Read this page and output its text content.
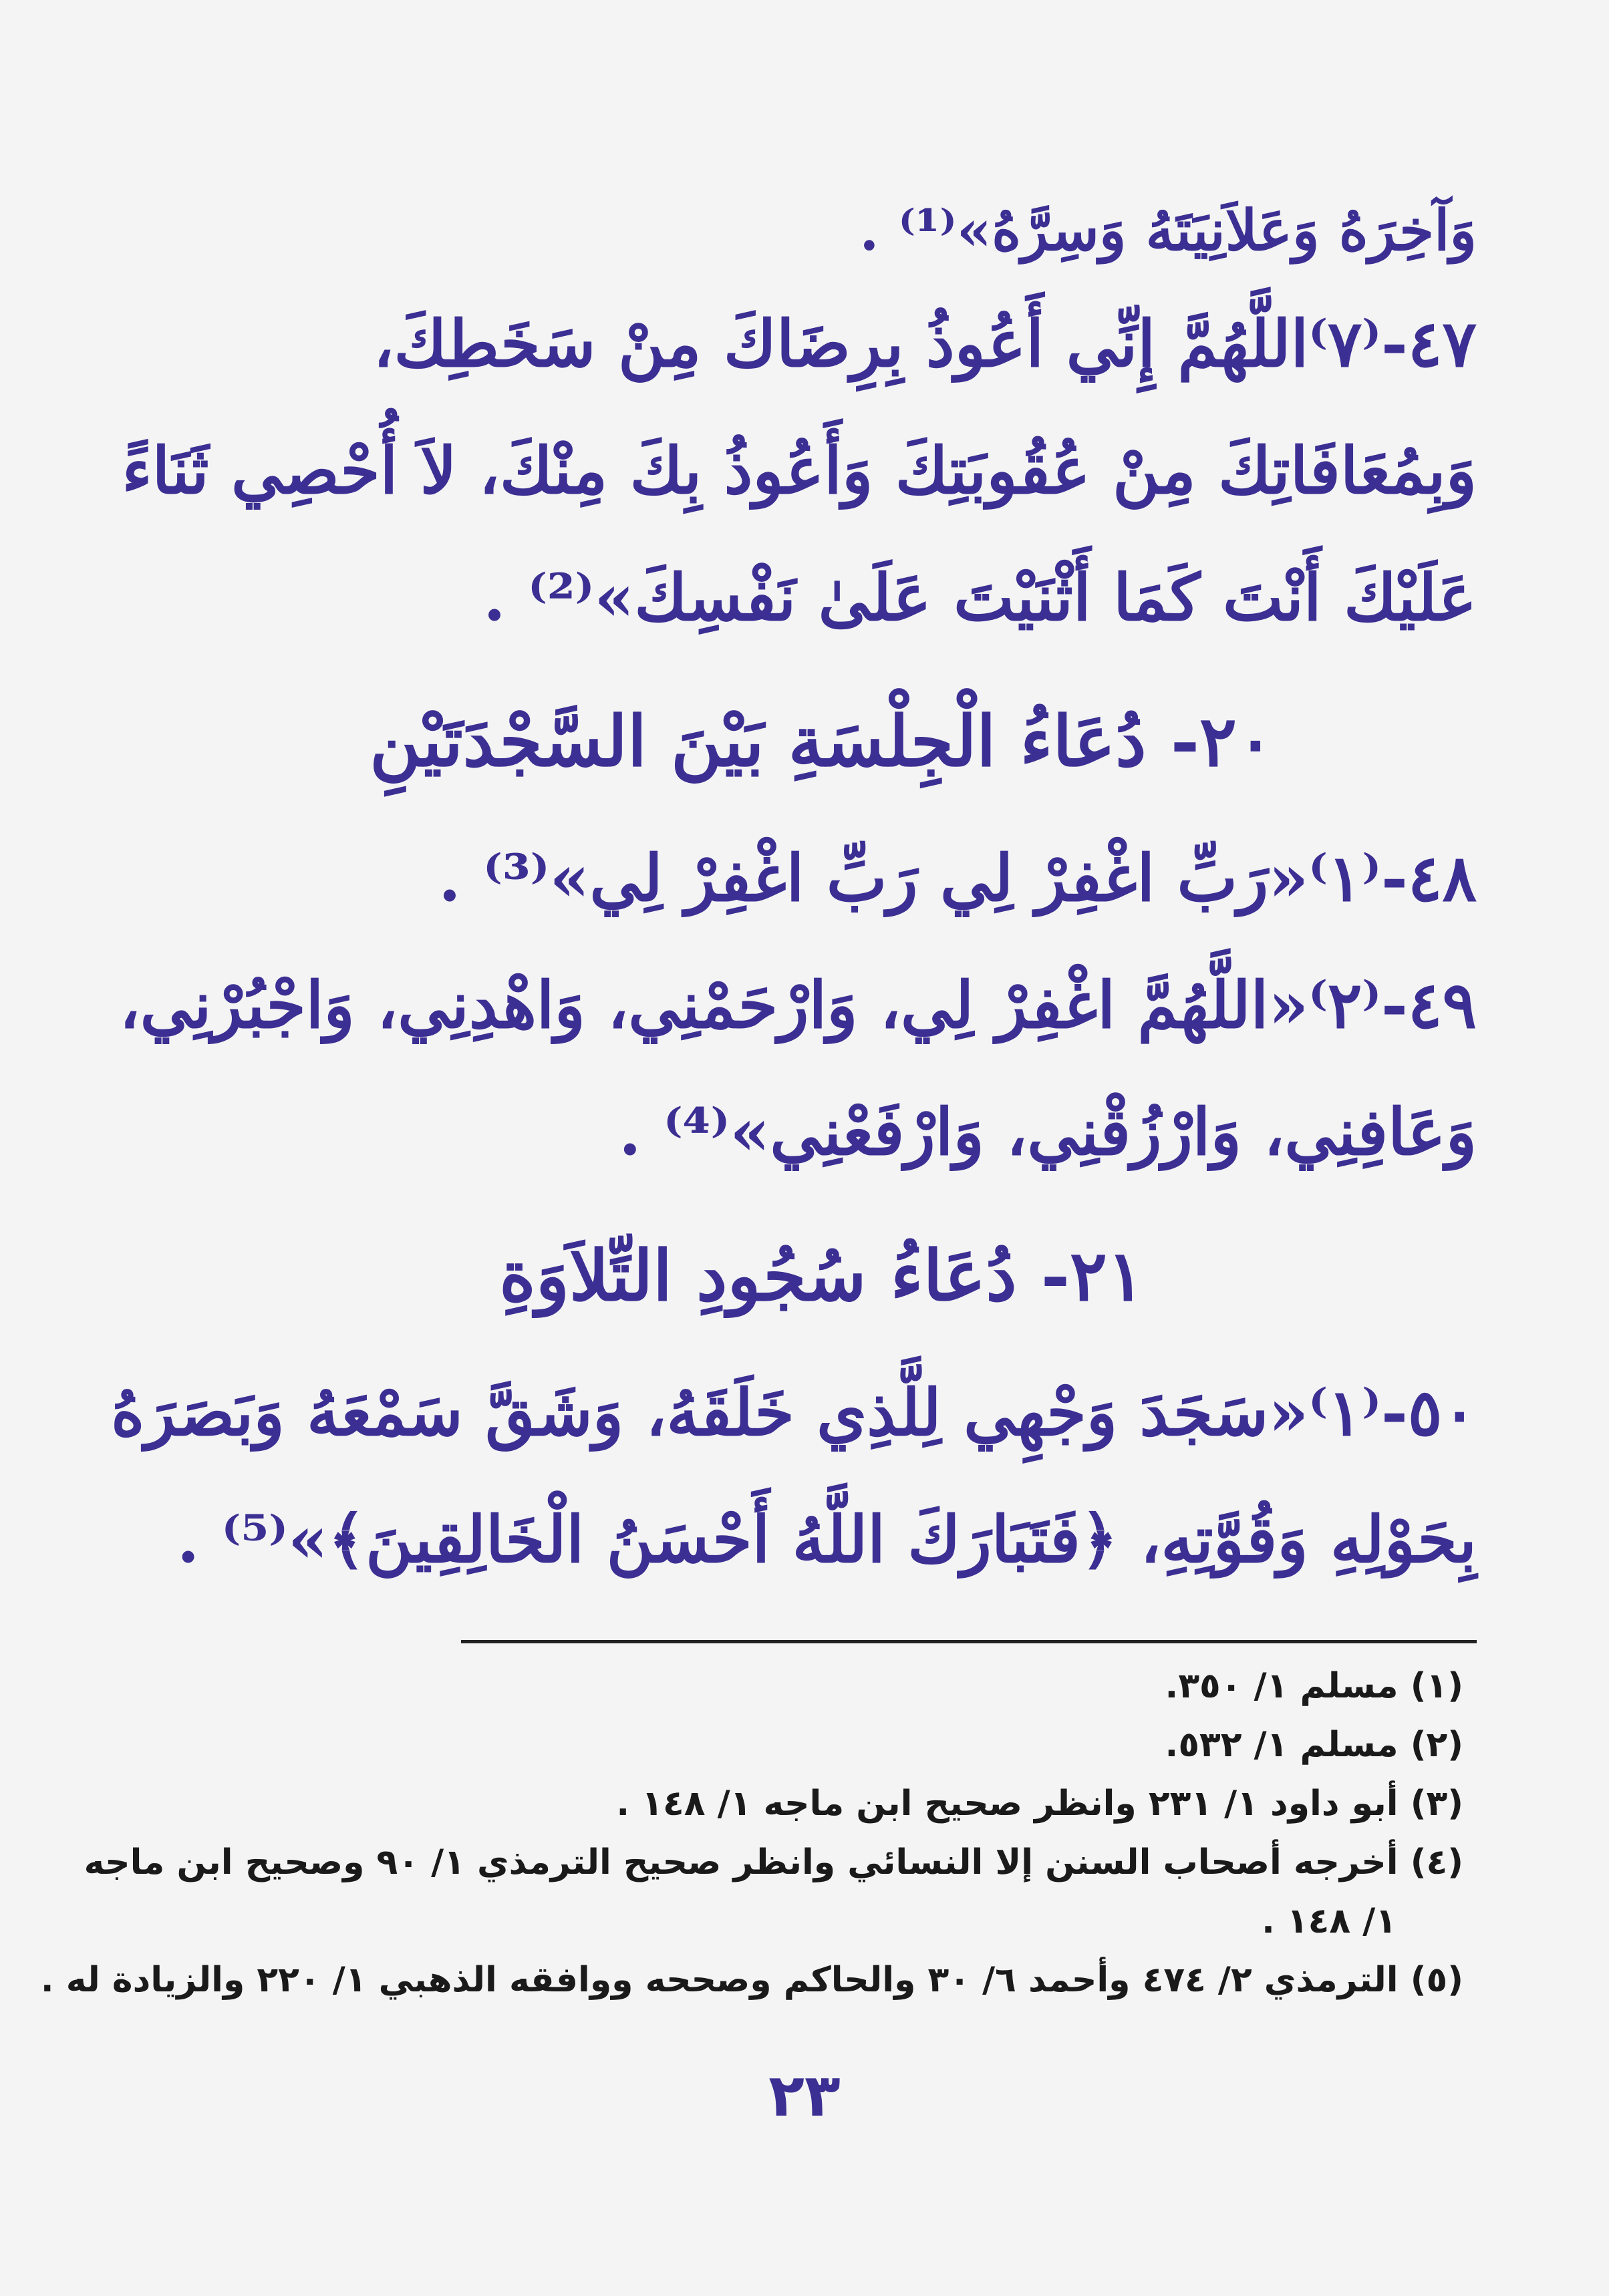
وَآخِرَهُ وَعَلاَنِيَتَهُ وَسِرَّهُ»⁽¹⁾ .
٤٧-⁽٧⁾اللَّهُمَّ إِنِّي أَعُوذُ بِرِضَاكَ مِنْ سَخَطِكَ،
وَبِمُعَافَاتِكَ مِنْ عُقُوبَتِكَ وَأَعُوذُ بِكَ مِنْكَ، لاَ أُحْصِي ثَنَاءً
عَلَيْكَ أَنْتَ كَمَا أَثْنَيْتَ عَلَىٰ نَفْسِكَ»⁽²⁾ .
٢٠- دُعَاءُ الْجِلْسَةِ بَيْنَ السَّجْدَتَيْنِ
٤٨-⁽١⁾«رَبِّ اغْفِرْ لِي رَبِّ اغْفِرْ لِي»⁽³⁾ .
٤٩-⁽٢⁾«اللَّهُمَّ اغْفِرْ لِي، وَارْحَمْنِي، وَاهْدِنِي، وَاجْبُرْنِي،
وَعَافِنِي، وَارْزُقْنِي، وَارْفَعْنِي»⁽⁴⁾ .
٢١- دُعَاءُ سُجُودِ التِّلاَوَةِ
٥٠-⁽١⁾«سَجَدَ وَجْهِي لِلَّذِي خَلَقَهُ، وَشَقَّ سَمْعَهُ وَبَصَرَهُ
بِحَوْلِهِ وَقُوَّتِهِ، ﴿فَتَبَارَكَ اللَّهُ أَحْسَنُ الْخَالِقِينَ﴾»⁽⁵⁾ .
(١) مسلم ١/ ٣٥٠.
(٢) مسلم ١/ ٥٣٢.
(٣) أبو داود ١/ ٢٣١ وانظر صحيح ابن ماجه ١/ ١٤٨ .
(٤) أخرجه أصحاب السنن إلا النسائي وانظر صحيح الترمذي ١/ ٩٠ وصحيح ابن ماجه
١/ ١٤٨ .
(٥) الترمذي ٢/ ٤٧٤ وأحمد ٦/ ٣٠ والحاكم وصححه ووافقه الذهبي ١/ ٢٢٠ والزيادة له .
٢٣
